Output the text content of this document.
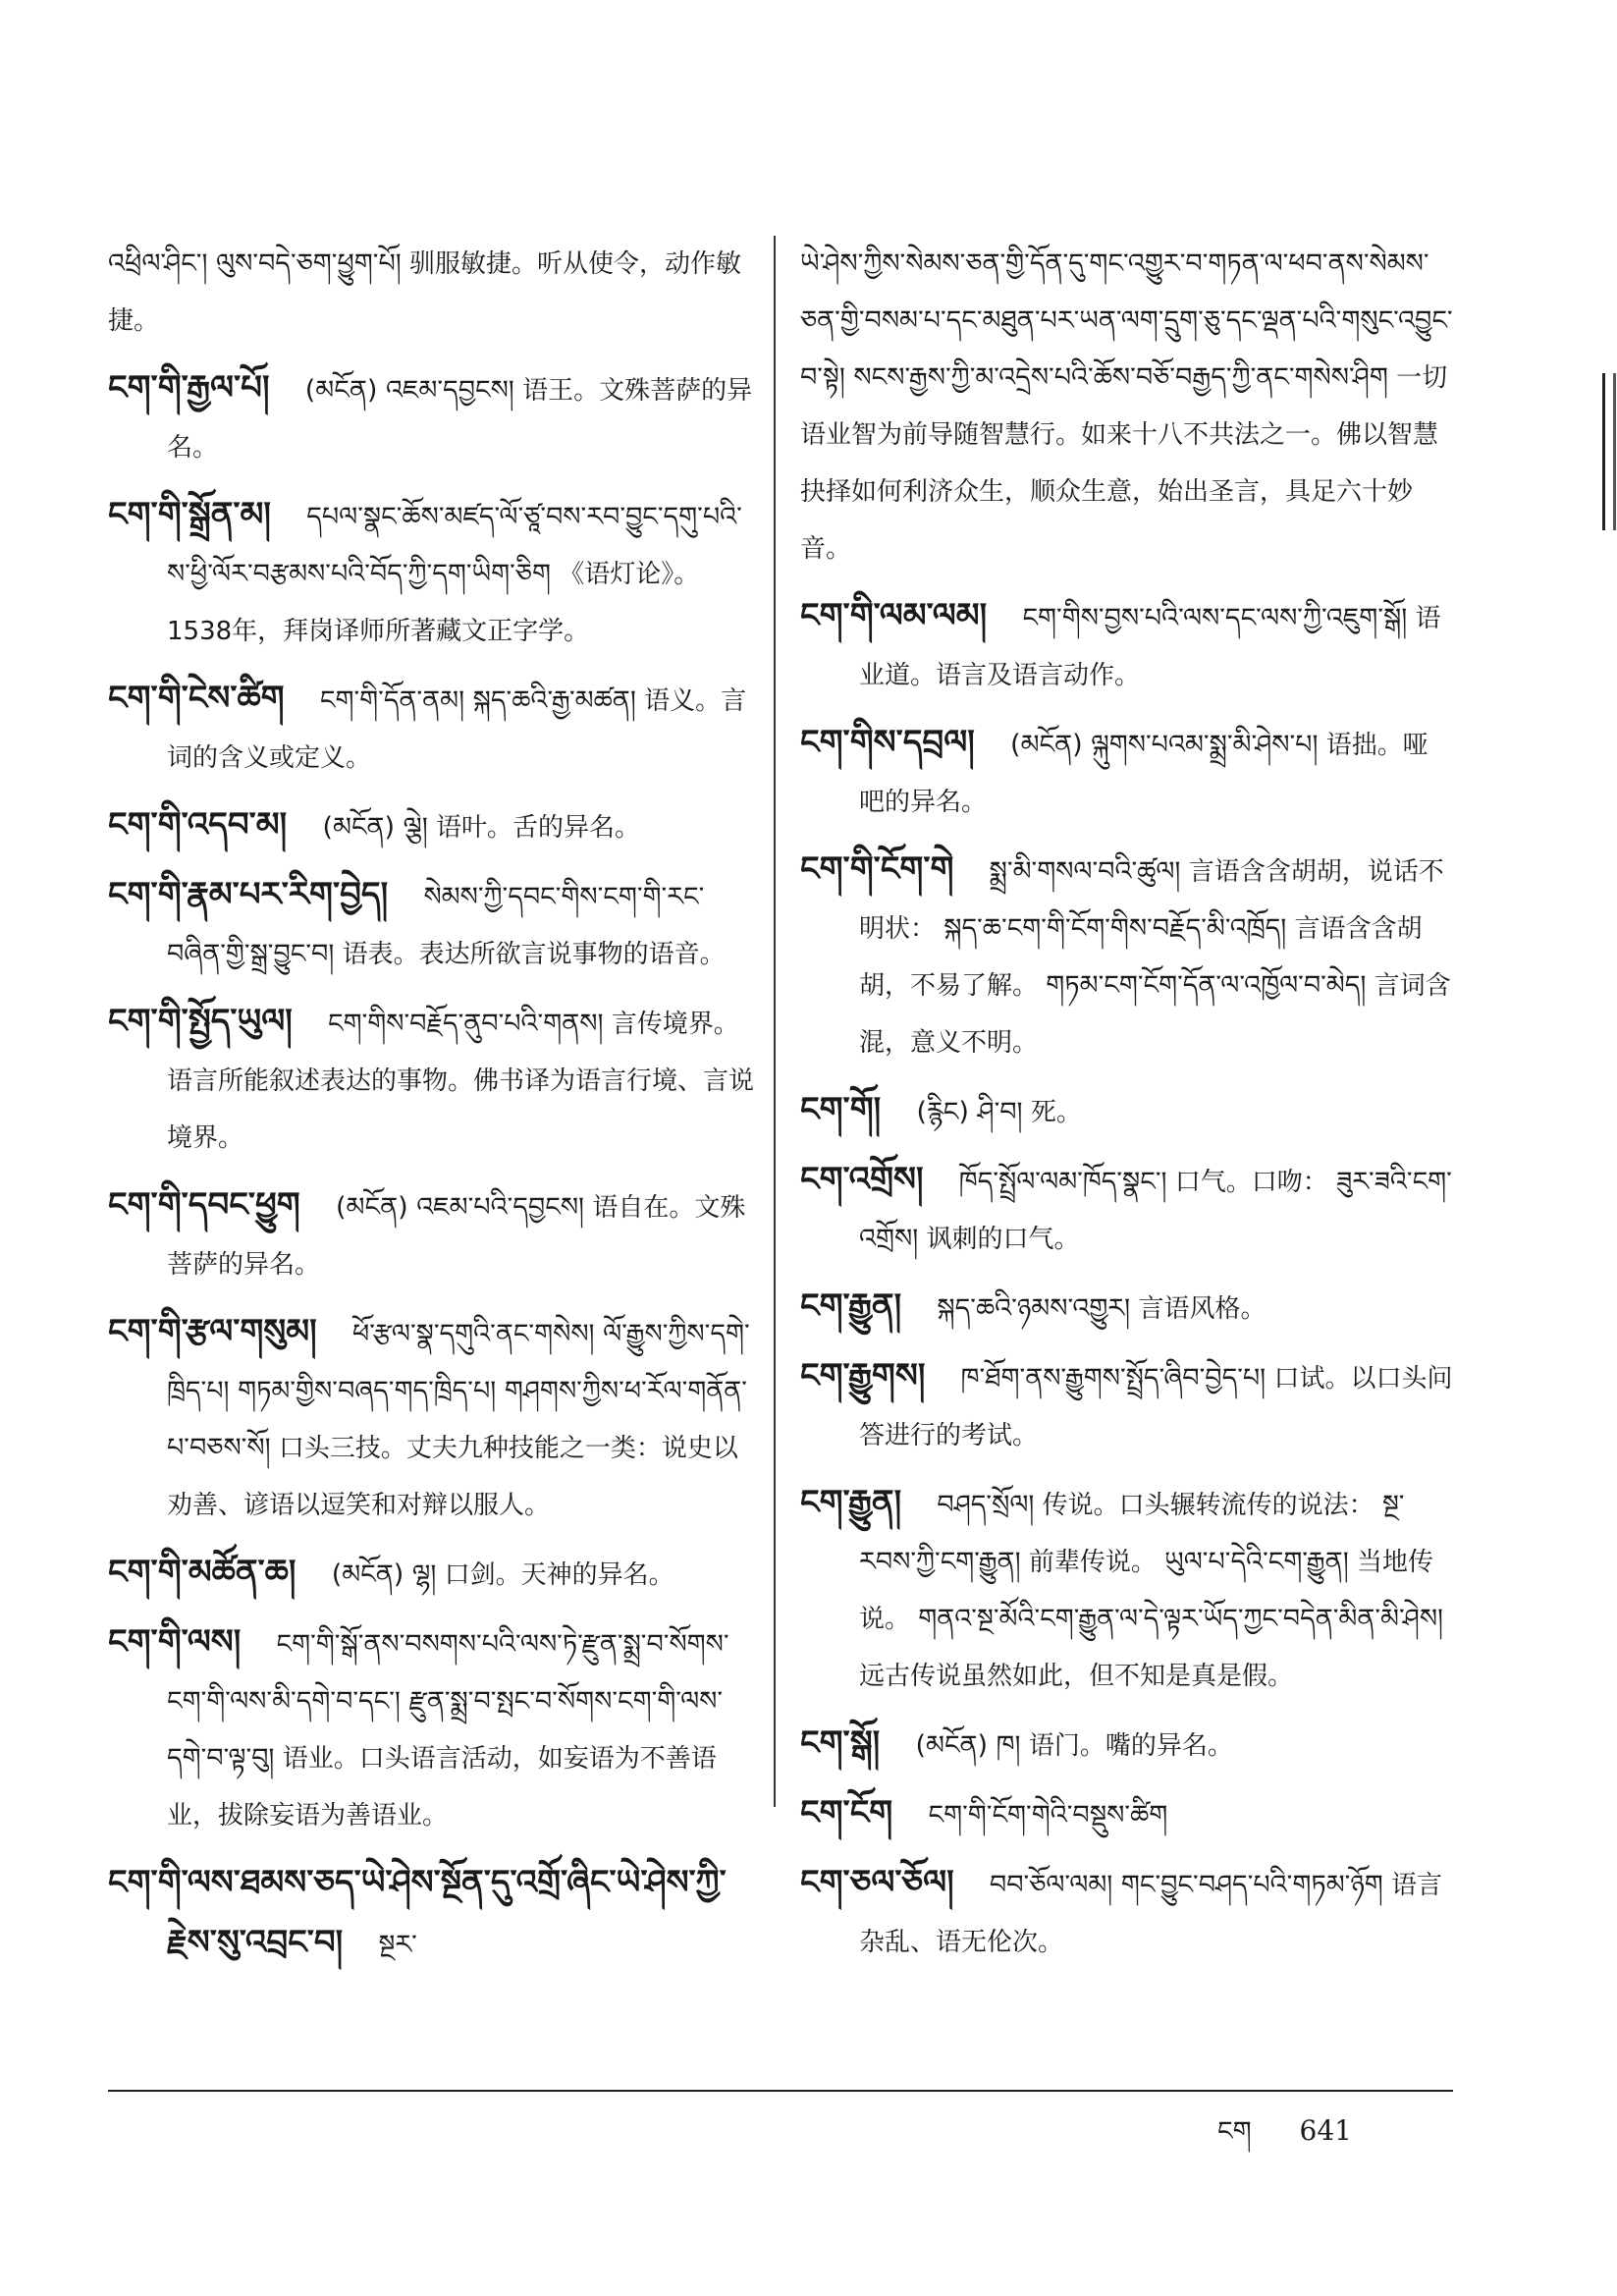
འཕྲིལ་ཤིང་། ལུས་བདེ་ཅག་ཕྱུག་པོ། 驯服敏捷。听从使令，动作敏捷。
ངག་གི་རྒྱལ་པོ། (མངོན) འཇམ་དབྱངས། 语王。文殊菩萨的异名。
ངག་གི་སྒྲོན་མ། དཔལ་སྣང་ཆོས་མཛད་ལོ་ཙཱ་བས་རབ་བྱུང་དགུ་པའི་ས་ཕྱི་ལོར་བརྩམས་པའི་བོད་ཀྱི་དག་ཡིག་ཅིག 《语灯论》。1538年，拜岗译师所著藏文正字学。
ངག་གི་ངེས་ཚིག ངག་གི་དོན་ནམ། སྐད་ཆའི་རྒྱ་མཚན། 语义。言词的含义或定义。
ངག་གི་འདབ་མ། (མངོན) ལྕེ། 语叶。舌的异名。
ངག་གི་རྣམ་པར་རིག་བྱེད། སེམས་ཀྱི་དབང་གིས་ངག་གི་རང་བཞིན་གྱི་སྒྲ་བྱུང་བ། 语表。表达所欲言说事物的语音。
ངག་གི་སྤྱོད་ཡུལ། ངག་གིས་བརྗོད་ནུབ་པའི་གནས། 言传境界。语言所能叙述表达的事物。佛书译为语言行境、言说境界。
ངག་གི་དབང་ཕྱུག (མངོན) འཇམ་པའི་དབྱངས། 语自在。文殊菩萨的异名。
ངག་གི་རྩལ་གསུམ། ཕོ་རྩལ་སྣ་དགུའི་ནང་གསེས། ལོ་རྒྱུས་ཀྱིས་དགེ་ཁྲིད་པ། གཏམ་གྱིས་བཞད་གད་ཁྲིད་པ། གཤགས་ཀྱིས་ཕ་རོལ་གནོན་པ་བཅས་སོ། 口头三技。丈夫九种技能之一类：说史以劝善、谚语以逗笑和对辩以服人。
ངག་གི་མཚོན་ཆ། (མངོན) ལྷ། 口剑。天神的异名。
ངག་གི་ལས། ངག་གི་སྒོ་ནས་བསགས་པའི་ལས་ཏེ་རྫུན་སྨྲ་བ་སོགས་ངག་གི་ལས་མི་དགེ་བ་དང་། རྫུན་སྨྲ་བ་སྤང་བ་སོགས་ངག་གི་ལས་དགེ་བ་ལྟ་བུ། 语业。口头语言活动，如妄语为不善语业，拔除妄语为善语业。
ངག་གི་ལས་ཐམས་ཅད་ཡེ་ཤེས་སྔོན་དུ་འགྲོ་ཞིང་ཡེ་ཤེས་ཀྱི་རྗེས་སུ་འབྲང་བ། སྔར་
ཡེ་ཤེས་ཀྱིས་སེམས་ཅན་གྱི་དོན་དུ་གང་འགྱུར་བ་གཏན་ལ་ཕབ་ནས་སེམས་ཅན་གྱི་བསམ་པ་དང་མཐུན་པར་ཡན་ལག་དྲུག་ཅུ་དང་ལྡན་པའི་གསུང་འབྱུང་བ་སྟེ། སངས་རྒྱས་ཀྱི་མ་འདྲེས་པའི་ཆོས་བཅོ་བརྒྱད་ཀྱི་ནང་གསེས་ཤིག 一切语业智为前导随智慧行。如来十八不共法之一。佛以智慧抉择如何利济众生，顺众生意，始出圣言，具足六十妙音。
ངག་གི་ལམ་ལམ། ངག་གིས་བྱས་པའི་ལས་དང་ལས་ཀྱི་འཇུག་སྒོ། 语业道。语言及语言动作。
ངག་གིས་དབྲལ། (མངོན) ལྐུགས་པའམ་སྨྲ་མི་ཤེས་པ། 语拙。哑吧的异名。
ངག་གི་ངོག་གེ སྨྲ་མི་གསལ་བའི་ཚུལ། 言语含含胡胡，说话不明状： སྐད་ཆ་ངག་གི་ངོག་གིས་བརྗོད་མི་འཁྲོད། 言语含含胡胡，不易了解。 གཏམ་ངག་ངོག་དོན་ལ་འཁྱོལ་བ་མེད། 言词含混，意义不明。
ངག་གོ། (རྙིང) ཤི་བ། 死。
ངག་འགྲོས། ཁོད་སྤྲོལ་ལམ་ཁོད་སྣང་། 口气。口吻： ཟུར་ཟའི་ངག་འགྲོས། 讽刺的口气。
ངག་རྒྱུན། སྐད་ཆའི་ཉམས་འགྱུར། 言语风格。
ངག་རྒྱུགས། ཁ་ཐོག་ནས་རྒྱུགས་སྤྲོད་ཞིབ་བྱེད་པ། 口试。以口头问答进行的考试。
ངག་རྒྱུན། བཤད་སྲོལ། 传说。口头辗转流传的说法： སྔ་རབས་ཀྱི་ངག་རྒྱུན། 前辈传说。 ཡུལ་པ་དེའི་ངག་རྒྱུན། 当地传说。 གནའ་སྔ་མོའི་ངག་རྒྱུན་ལ་དེ་ལྟར་ཡོད་ཀྱང་བདེན་མིན་མི་ཤེས། 远古传说虽然如此，但不知是真是假。
ངག་སྒོ། (མངོན) ཁ། 语门。嘴的异名。
ངག་ངོག ངག་གི་ངོག་གེའི་བསྡུས་ཚིག
ངག་ཅལ་ཅོལ། བབ་ཅོལ་ལམ། གང་བྱུང་བཤད་པའི་གཏམ་ཉོག 语言杂乱、语无伦次。
ངག 641
